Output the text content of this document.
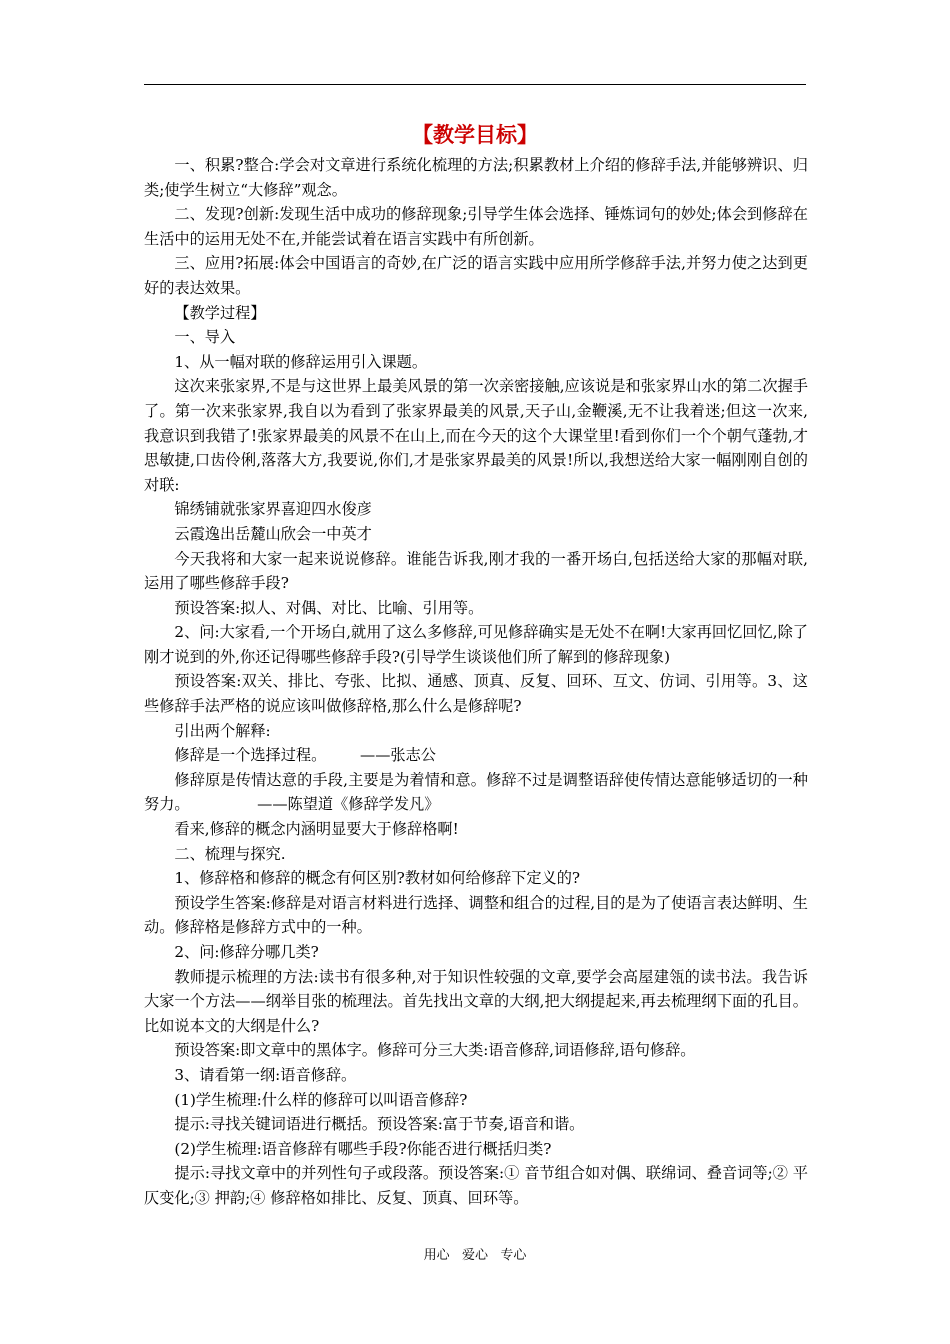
【教学目标】

一、积累?整合:学会对文章进行系统化梳理的方法;积累教材上介绍的修辞手法,并能够辨识、归类;使学生树立“大修辞”观念。

二、发现?创新:发现生活中成功的修辞现象;引导学生体会选择、锤炼词句的妙处;体会到修辞在生活中的运用无处不在,并能尝试着在语言实践中有所创新。

三、应用?拓展:体会中国语言的奇妙,在广泛的语言实践中应用所学修辞手法,并努力使之达到更好的表达效果。

【教学过程】

一、导入

1、从一幅对联的修辞运用引入课题。

这次来张家界,不是与这世界上最美风景的第一次亲密接触,应该说是和张家界山水的第二次握手了。第一次来张家界,我自以为看到了张家界最美的风景,天子山,金鞭溪,无不让我着迷;但这一次来,我意识到我错了!张家界最美的风景不在山上,而在今天的这个大课堂里!看到你们一个个朝气蓬勃,才思敏捷,口齿伶俐,落落大方,我要说,你们,才是张家界最美的风景!所以,我想送给大家一幅刚刚自创的对联:

锦绣铺就张家界喜迎四水俊彦

云霞逸出岳麓山欣会一中英才

今天我将和大家一起来说说修辞。谁能告诉我,刚才我的一番开场白,包括送给大家的那幅对联,运用了哪些修辞手段?

预设答案:拟人、对偶、对比、比喻、引用等。

2、问:大家看,一个开场白,就用了这么多修辞,可见修辞确实是无处不在啊!大家再回忆回忆,除了刚才说到的外,你还记得哪些修辞手段?(引导学生谈谈他们所了解到的修辞现象)

预设答案:双关、排比、夸张、比拟、通感、顶真、反复、回环、互文、仿词、引用等。3、这些修辞手法严格的说应该叫做修辞格,那么什么是修辞呢?

引出两个解释:

修辞是一个选择过程。       ——张志公

修辞原是传情达意的手段,主要是为着情和意。修辞不过是调整语辞使传情达意能够适切的一种努力。              ——陈望道《修辞学发凡》

看来,修辞的概念内涵明显要大于修辞格啊!

二、梳理与探究.

1、修辞格和修辞的概念有何区别?教材如何给修辞下定义的?

预设学生答案:修辞是对语言材料进行选择、调整和组合的过程,目的是为了使语言表达鲜明、生动。修辞格是修辞方式中的一种。

2、问:修辞分哪几类?

教师提示梳理的方法:读书有很多种,对于知识性较强的文章,要学会高屋建瓴的读书法。我告诉大家一个方法——纲举目张的梳理法。首先找出文章的大纲,把大纲提起来,再去梳理纲下面的孔目。比如说本文的大纲是什么?

预设答案:即文章中的黑体字。修辞可分三大类:语音修辞,词语修辞,语句修辞。

3、请看第一纲:语音修辞。

(1)学生梳理:什么样的修辞可以叫语音修辞?

提示:寻找关键词语进行概括。预设答案:富于节奏,语音和谐。

(2)学生梳理:语音修辞有哪些手段?你能否进行概括归类?

提示:寻找文章中的并列性句子或段落。预设答案:① 音节组合如对偶、联绵词、叠音词等;② 平仄变化;③ 押韵;④ 修辞格如排比、反复、顶真、回环等。

用心   爱心   专心
